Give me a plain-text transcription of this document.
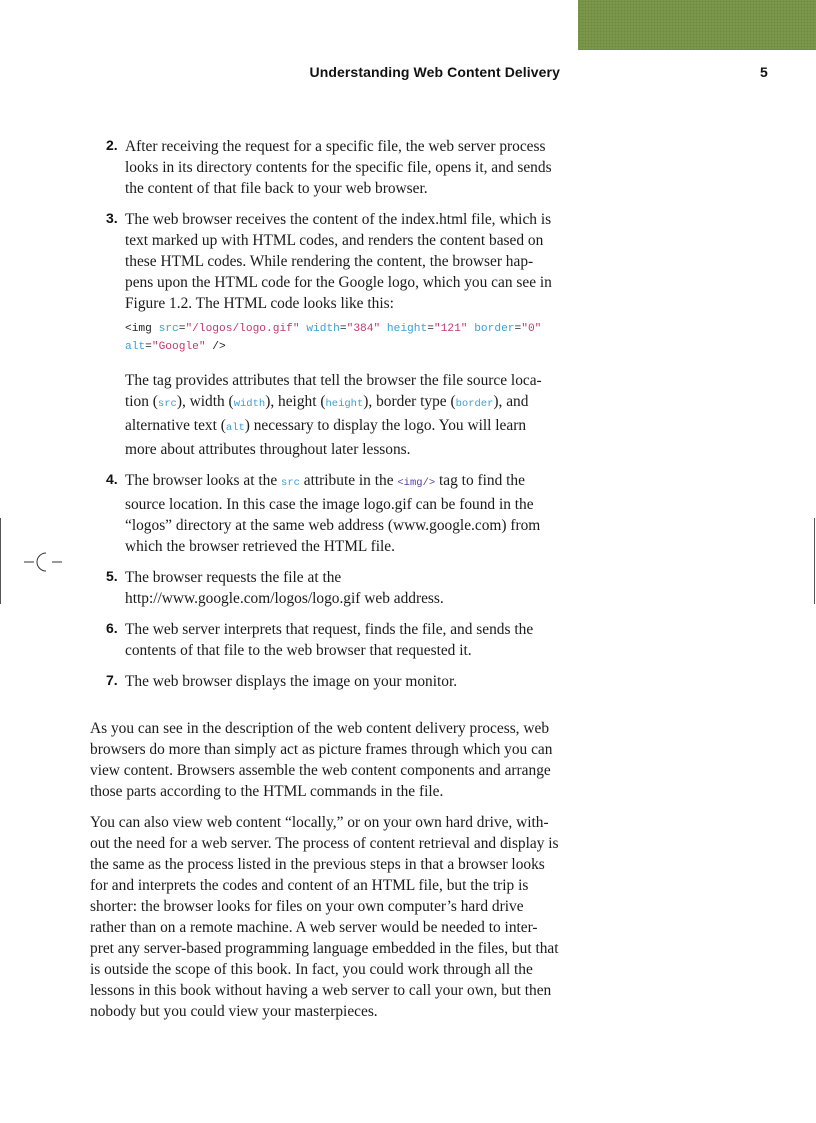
Understanding Web Content Delivery	5
2. After receiving the request for a specific file, the web server process looks in its directory contents for the specific file, opens it, and sends the content of that file back to your web browser.

3. The web browser receives the content of the index.html file, which is text marked up with HTML codes, and renders the content based on these HTML codes. While rendering the content, the browser hap-pens upon the HTML code for the Google logo, which you can see in Figure 1.2. The HTML code looks like this:

<img src="/logos/logo.gif" width="384" height="121" border="0"
alt="Google" />

The tag provides attributes that tell the browser the file source loca-tion (src), width (width), height (height), border type (border), and alternative text (alt) necessary to display the logo. You will learn more about attributes throughout later lessons.

4. The browser looks at the src attribute in the <img/> tag to find the source location. In this case the image logo.gif can be found in the “logos” directory at the same web address (www.google.com) from which the browser retrieved the HTML file.

5. The browser requests the file at the
http://www.google.com/logos/logo.gif web address.

6. The web server interprets that request, finds the file, and sends the contents of that file to the web browser that requested it.

7. The web browser displays the image on your monitor.

As you can see in the description of the web content delivery process, web browsers do more than simply act as picture frames through which you can view content. Browsers assemble the web content components and arrange those parts according to the HTML commands in the file.

You can also view web content “locally,” or on your own hard drive, with-out the need for a web server. The process of content retrieval and display is the same as the process listed in the previous steps in that a browser looks for and interprets the codes and content of an HTML file, but the trip is shorter: the browser looks for files on your own computer’s hard drive rather than on a remote machine. A web server would be needed to inter-pret any server-based programming language embedded in the files, but that is outside the scope of this book. In fact, you could work through all the lessons in this book without having a web server to call your own, but then nobody but you could view your masterpieces.
